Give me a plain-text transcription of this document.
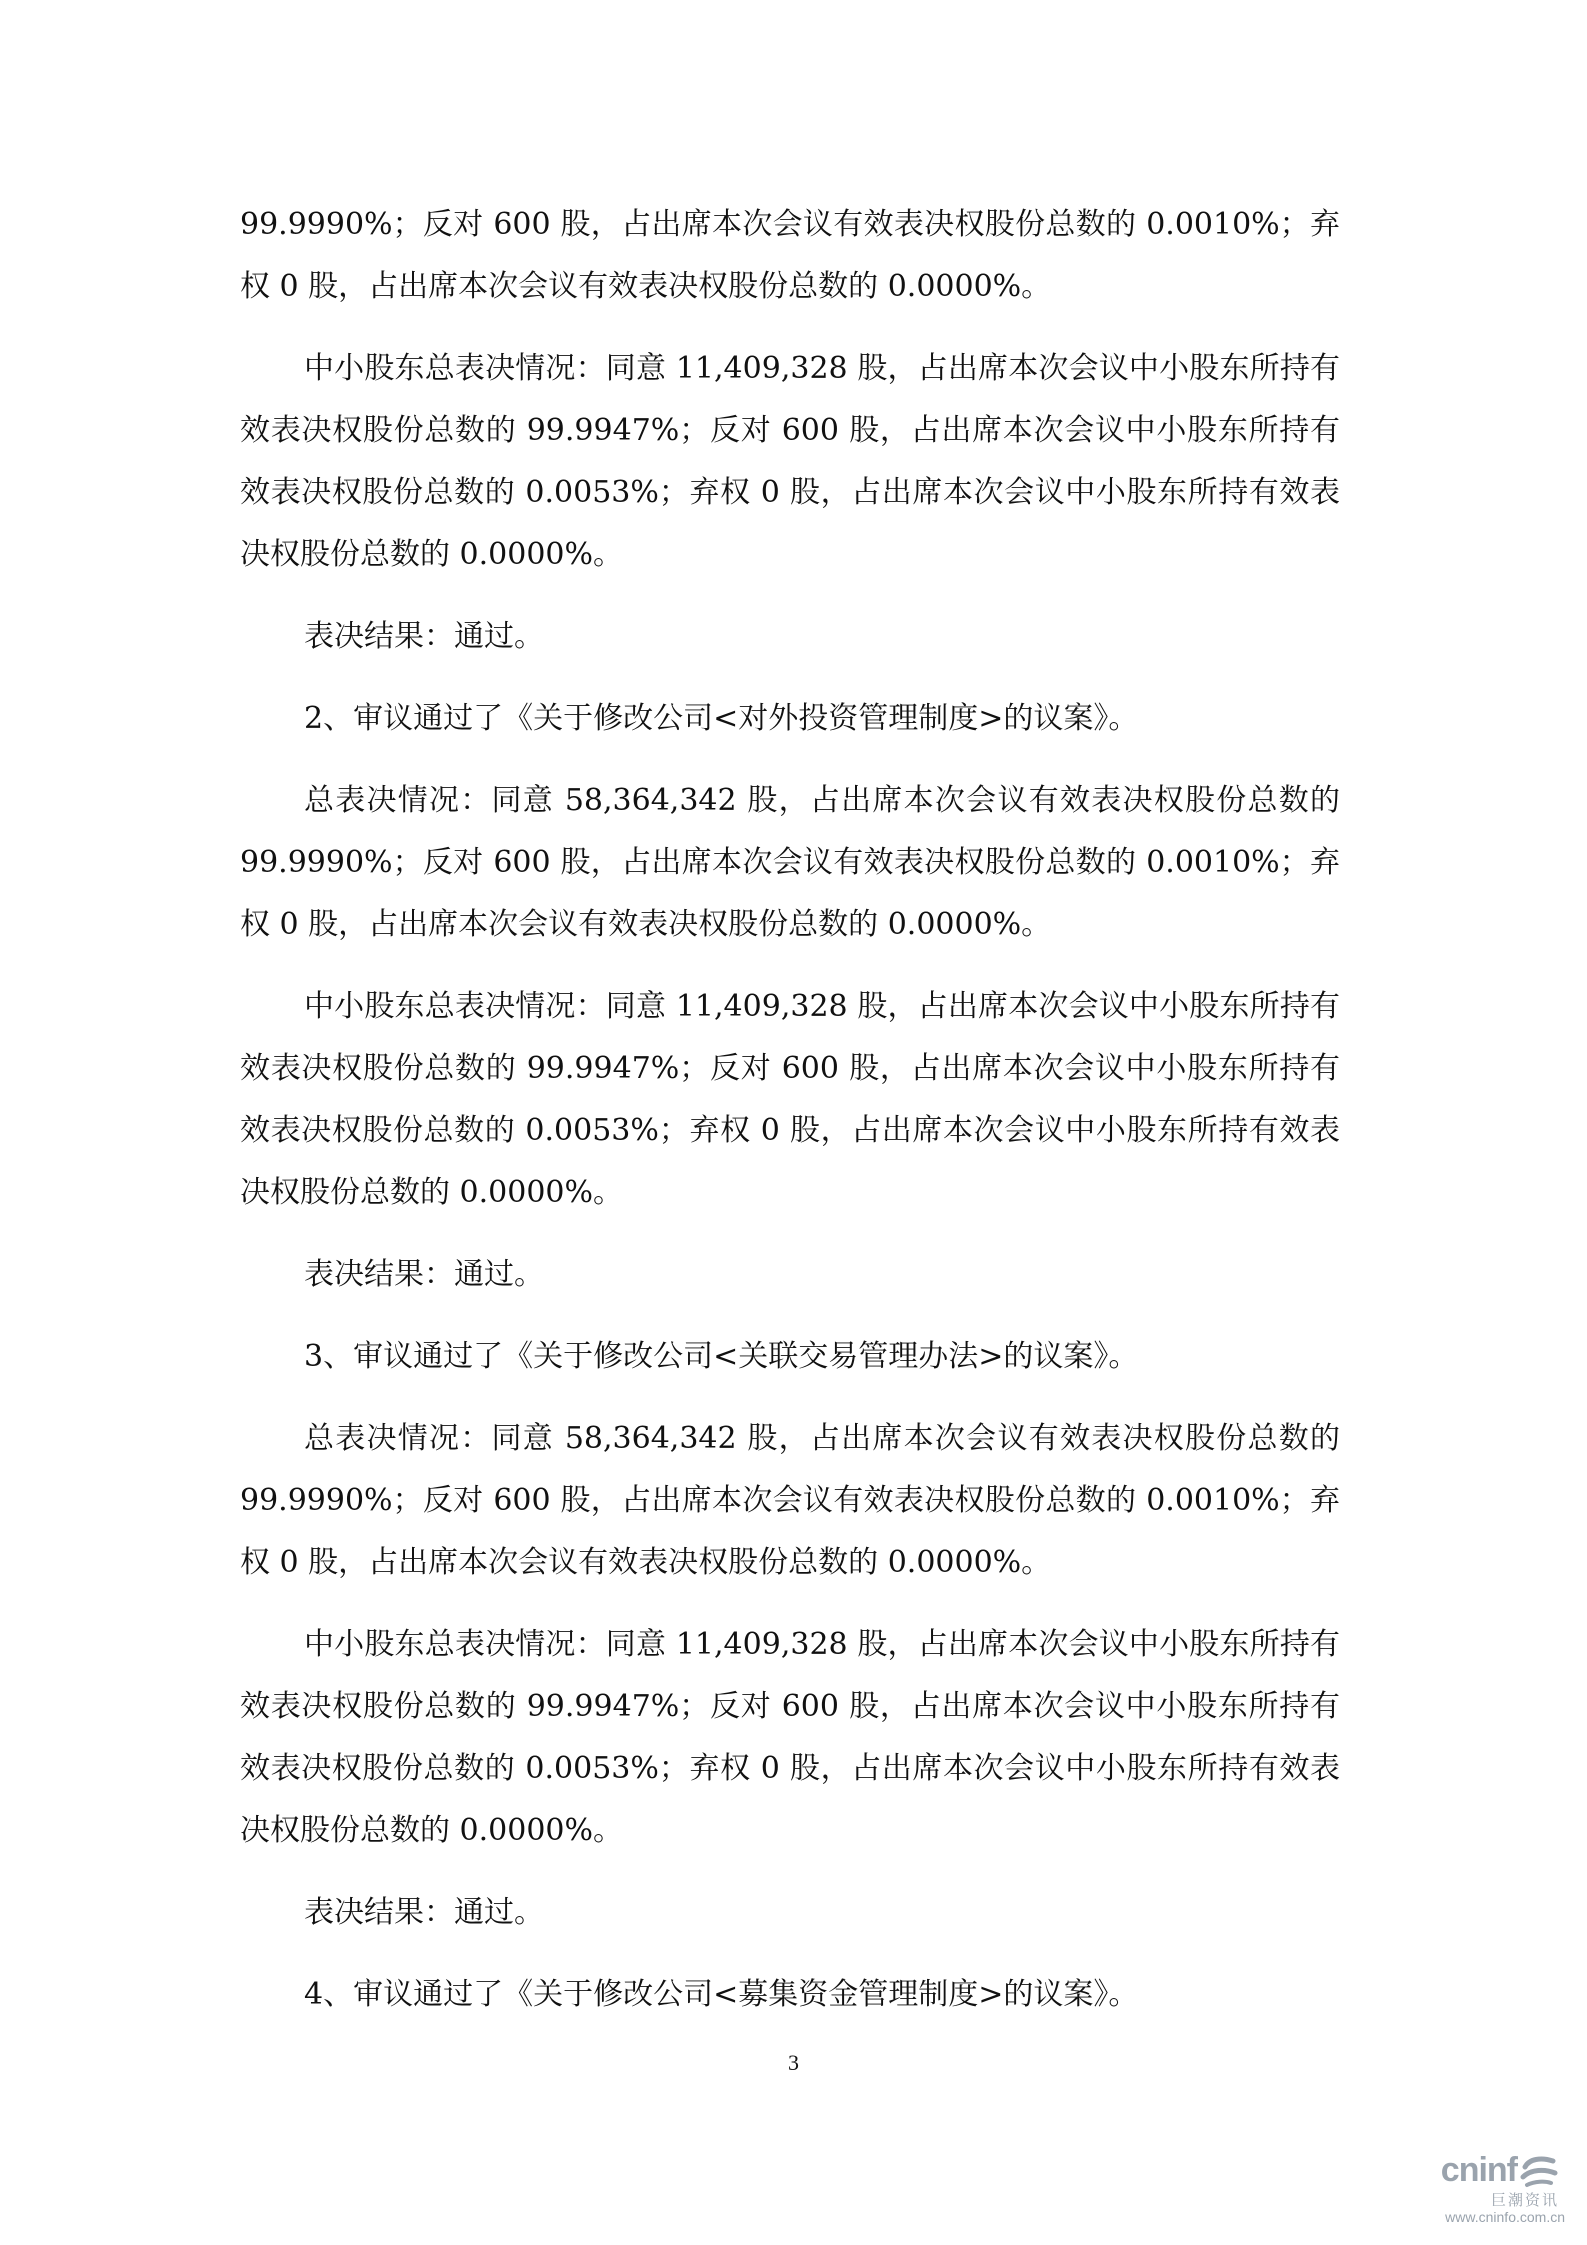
99.9990%；反对 600 股，占出席本次会议有效表决权股份总数的 0.0010%；弃权 0 股，占出席本次会议有效表决权股份总数的 0.0000%。

中小股东总表决情况：同意 11,409,328 股，占出席本次会议中小股东所持有效表决权股份总数的 99.9947%；反对 600 股，占出席本次会议中小股东所持有效表决权股份总数的 0.0053%；弃权 0 股，占出席本次会议中小股东所持有效表决权股份总数的 0.0000%。

表决结果：通过。

2、审议通过了《关于修改公司<对外投资管理制度>的议案》。

总表决情况：同意 58,364,342 股，占出席本次会议有效表决权股份总数的 99.9990%；反对 600 股，占出席本次会议有效表决权股份总数的 0.0010%；弃权 0 股，占出席本次会议有效表决权股份总数的 0.0000%。

中小股东总表决情况：同意 11,409,328 股，占出席本次会议中小股东所持有效表决权股份总数的 99.9947%；反对 600 股，占出席本次会议中小股东所持有效表决权股份总数的 0.0053%；弃权 0 股，占出席本次会议中小股东所持有效表决权股份总数的 0.0000%。

表决结果：通过。

3、审议通过了《关于修改公司<关联交易管理办法>的议案》。

总表决情况：同意 58,364,342 股，占出席本次会议有效表决权股份总数的 99.9990%；反对 600 股，占出席本次会议有效表决权股份总数的 0.0010%；弃权 0 股，占出席本次会议有效表决权股份总数的 0.0000%。

中小股东总表决情况：同意 11,409,328 股，占出席本次会议中小股东所持有效表决权股份总数的 99.9947%；反对 600 股，占出席本次会议中小股东所持有效表决权股份总数的 0.0053%；弃权 0 股，占出席本次会议中小股东所持有效表决权股份总数的 0.0000%。

表决结果：通过。

4、审议通过了《关于修改公司<募集资金管理制度>的议案》。

3
cninf
巨潮资讯
www.cninfo.com.cn
